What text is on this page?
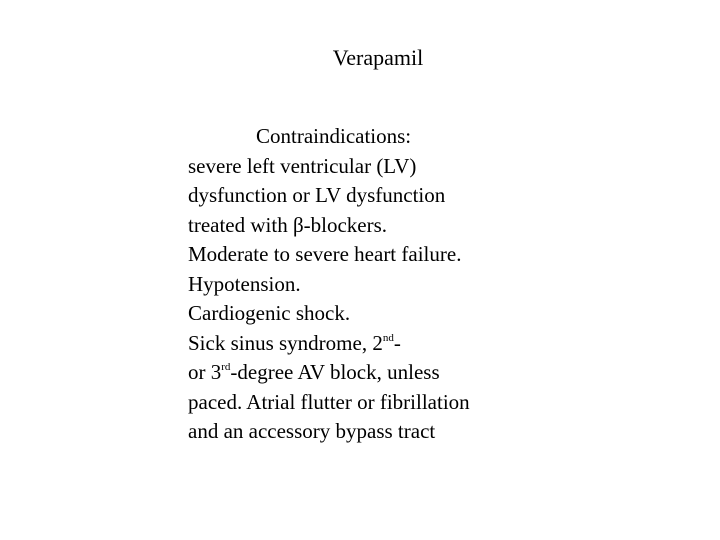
Verapamil
Contraindications:
severe left ventricular (LV)
dysfunction or LV dysfunction
treated with β-blockers.
Moderate to severe heart failure.
Hypotension.
Cardiogenic shock.
Sick sinus syndrome, 2nd-
or 3rd-degree AV block, unless
paced. Atrial flutter or fibrillation
and an accessory bypass tract
